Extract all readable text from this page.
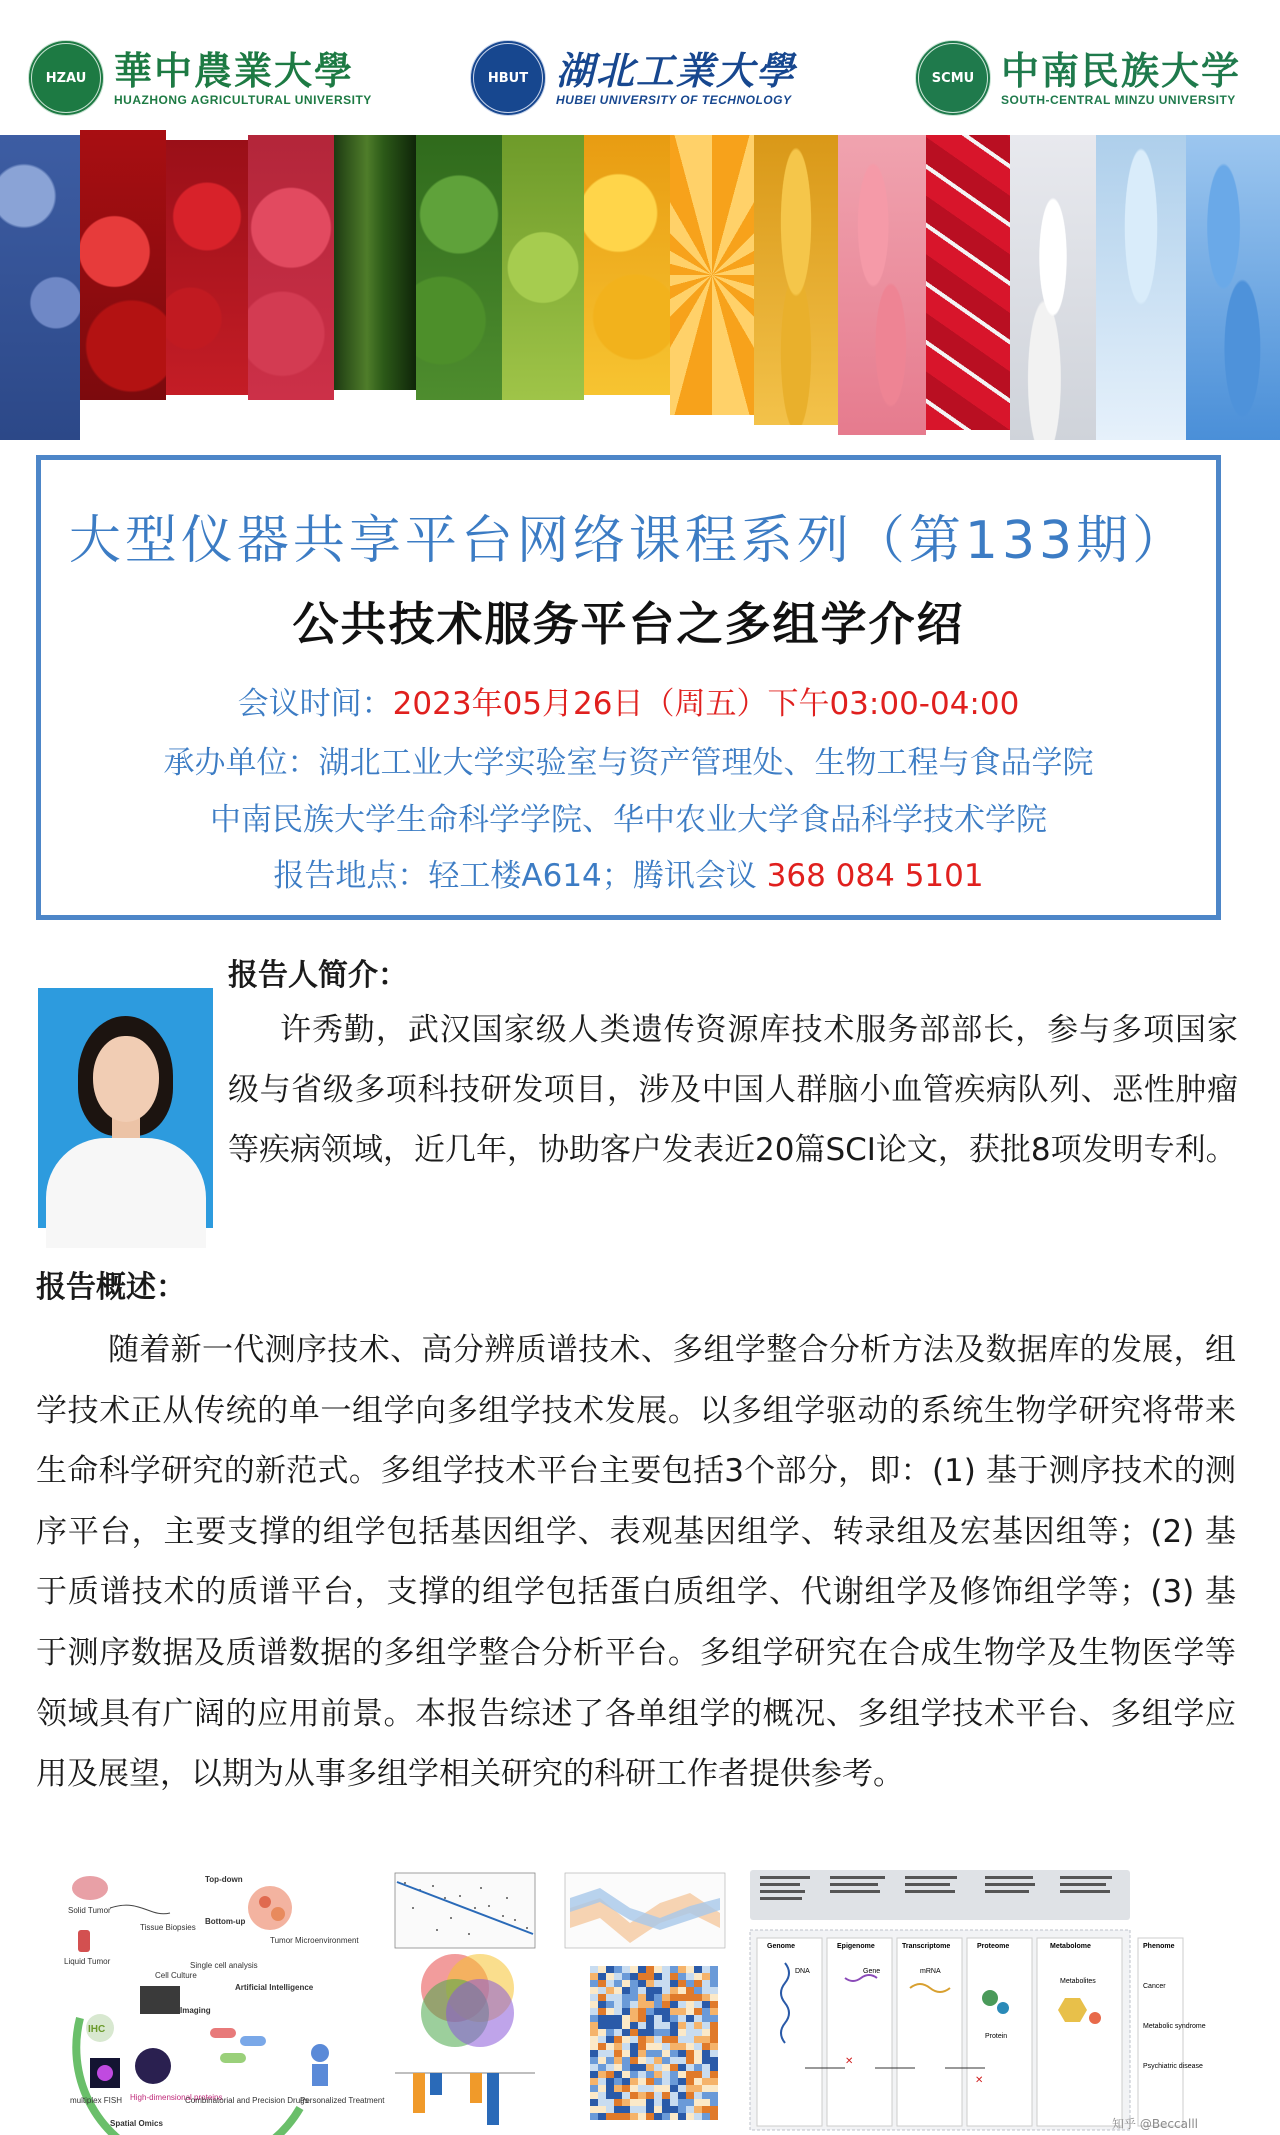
HZAU 華中農業大學
HUAZHONG AGRICULTURAL UNIVERSITY
HBUT 湖北工業大學
HUBEI UNIVERSITY OF TECHNOLOGY
SCMU 中南民族大学
SOUTH-CENTRAL MINZU UNIVERSITY
大型仪器共享平台网络课程系列（第133期）
公共技术服务平台之多组学介绍
会议时间：2023年05月26日（周五）下午03:00-04:00
承办单位：湖北工业大学实验室与资产管理处、生物工程与食品学院
中南民族大学生命科学学院、华中农业大学食品科学技术学院
报告地点：轻工楼A614；腾讯会议 368 084 5101
报告人简介：

许秀勤，武汉国家级人类遗传资源库技术服务部部长，参与多项国家级与省级多项科技研发项目，涉及中国人群脑小血管疾病队列、恶性肿瘤等疾病领域，近几年，协助客户发表近20篇SCI论文，获批8项发明专利。

报告概述：

随着新一代测序技术、高分辨质谱技术、多组学整合分析方法及数据库的发展，组学技术正从传统的单一组学向多组学技术发展。以多组学驱动的系统生物学研究将带来生命科学研究的新范式。多组学技术平台主要包括3个部分，即：(1) 基于测序技术的测序平台，主要支撑的组学包括基因组学、表观基因组学、转录组及宏基因组等；(2) 基于质谱技术的质谱平台，支撑的组学包括蛋白质组学、代谢组学及修饰组学等；(3) 基于测序数据及质谱数据的多组学整合分析平台。多组学研究在合成生物学及生物医学等领域具有广阔的应用前景。本报告综述了各单组学的概况、多组学技术平台、多组学应用及展望，以期为从事多组学相关研究的科研工作者提供参考。

Solid Tumor
Liquid Tumor
Top-down
Bottom-up
Tissue Biopsies
Tumor Microenvironment
Cell Culture
Single cell analysis
IHC
Imaging
multiplex FISH High-dimensional proteins
Spatial Omics
Artificial Intelligence
Combinatorial and Precision Drugs
Personalized Treatment
Genome	Epigenome	Transcriptome	Proteome	Metabolome	Phenome
DNA	Gene	mRNA
Protein
Metabolites
✕
✕
Cancer
Metabolic syndrome
Psychiatric disease
知乎 @Beccalll
